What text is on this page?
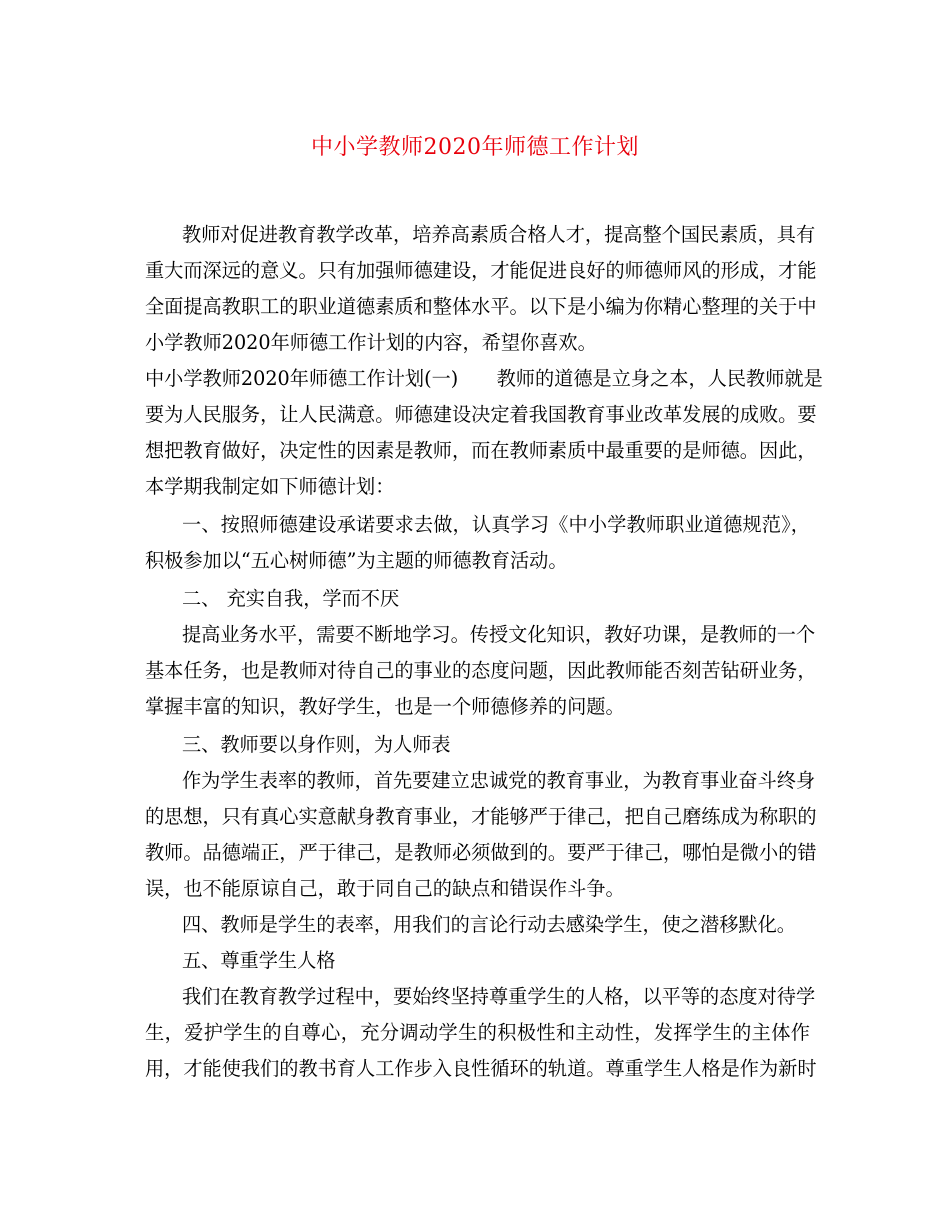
中小学教师2020年师德工作计划
教师对促进教育教学改革，培养高素质合格人才，提高整个国民素质，具有
重大而深远的意义。只有加强师德建设，才能促进良好的师德师风的形成，才能
全面提高教职工的职业道德素质和整体水平。以下是小编为你精心整理的关于中
小学教师2020年师德工作计划的内容，希望你喜欢。
中小学教师2020年师德工作计划(一)　　教师的道德是立身之本，人民教师就是
要为人民服务，让人民满意。师德建设决定着我国教育事业改革发展的成败。要
想把教育做好，决定性的因素是教师，而在教师素质中最重要的是师德。因此，
本学期我制定如下师德计划：
一、按照师德建设承诺要求去做，认真学习《中小学教师职业道德规范》，
积极参加以“五心树师德”为主题的师德教育活动。
二、 充实自我，学而不厌
提高业务水平，需要不断地学习。传授文化知识，教好功课，是教师的一个
基本任务，也是教师对待自己的事业的态度问题，因此教师能否刻苦钻研业务，
掌握丰富的知识，教好学生，也是一个师德修养的问题。
三、教师要以身作则，为人师表
作为学生表率的教师，首先要建立忠诚党的教育事业，为教育事业奋斗终身
的思想，只有真心实意献身教育事业，才能够严于律己，把自己磨练成为称职的
教师。品德端正，严于律己，是教师必须做到的。要严于律己，哪怕是微小的错
误，也不能原谅自己，敢于同自己的缺点和错误作斗争。
四、教师是学生的表率，用我们的言论行动去感染学生，使之潜移默化。
五、尊重学生人格
我们在教育教学过程中，要始终坚持尊重学生的人格，以平等的态度对待学
生，爱护学生的自尊心，充分调动学生的积极性和主动性，发挥学生的主体作
用，才能使我们的教书育人工作步入良性循环的轨道。尊重学生人格是作为新时
